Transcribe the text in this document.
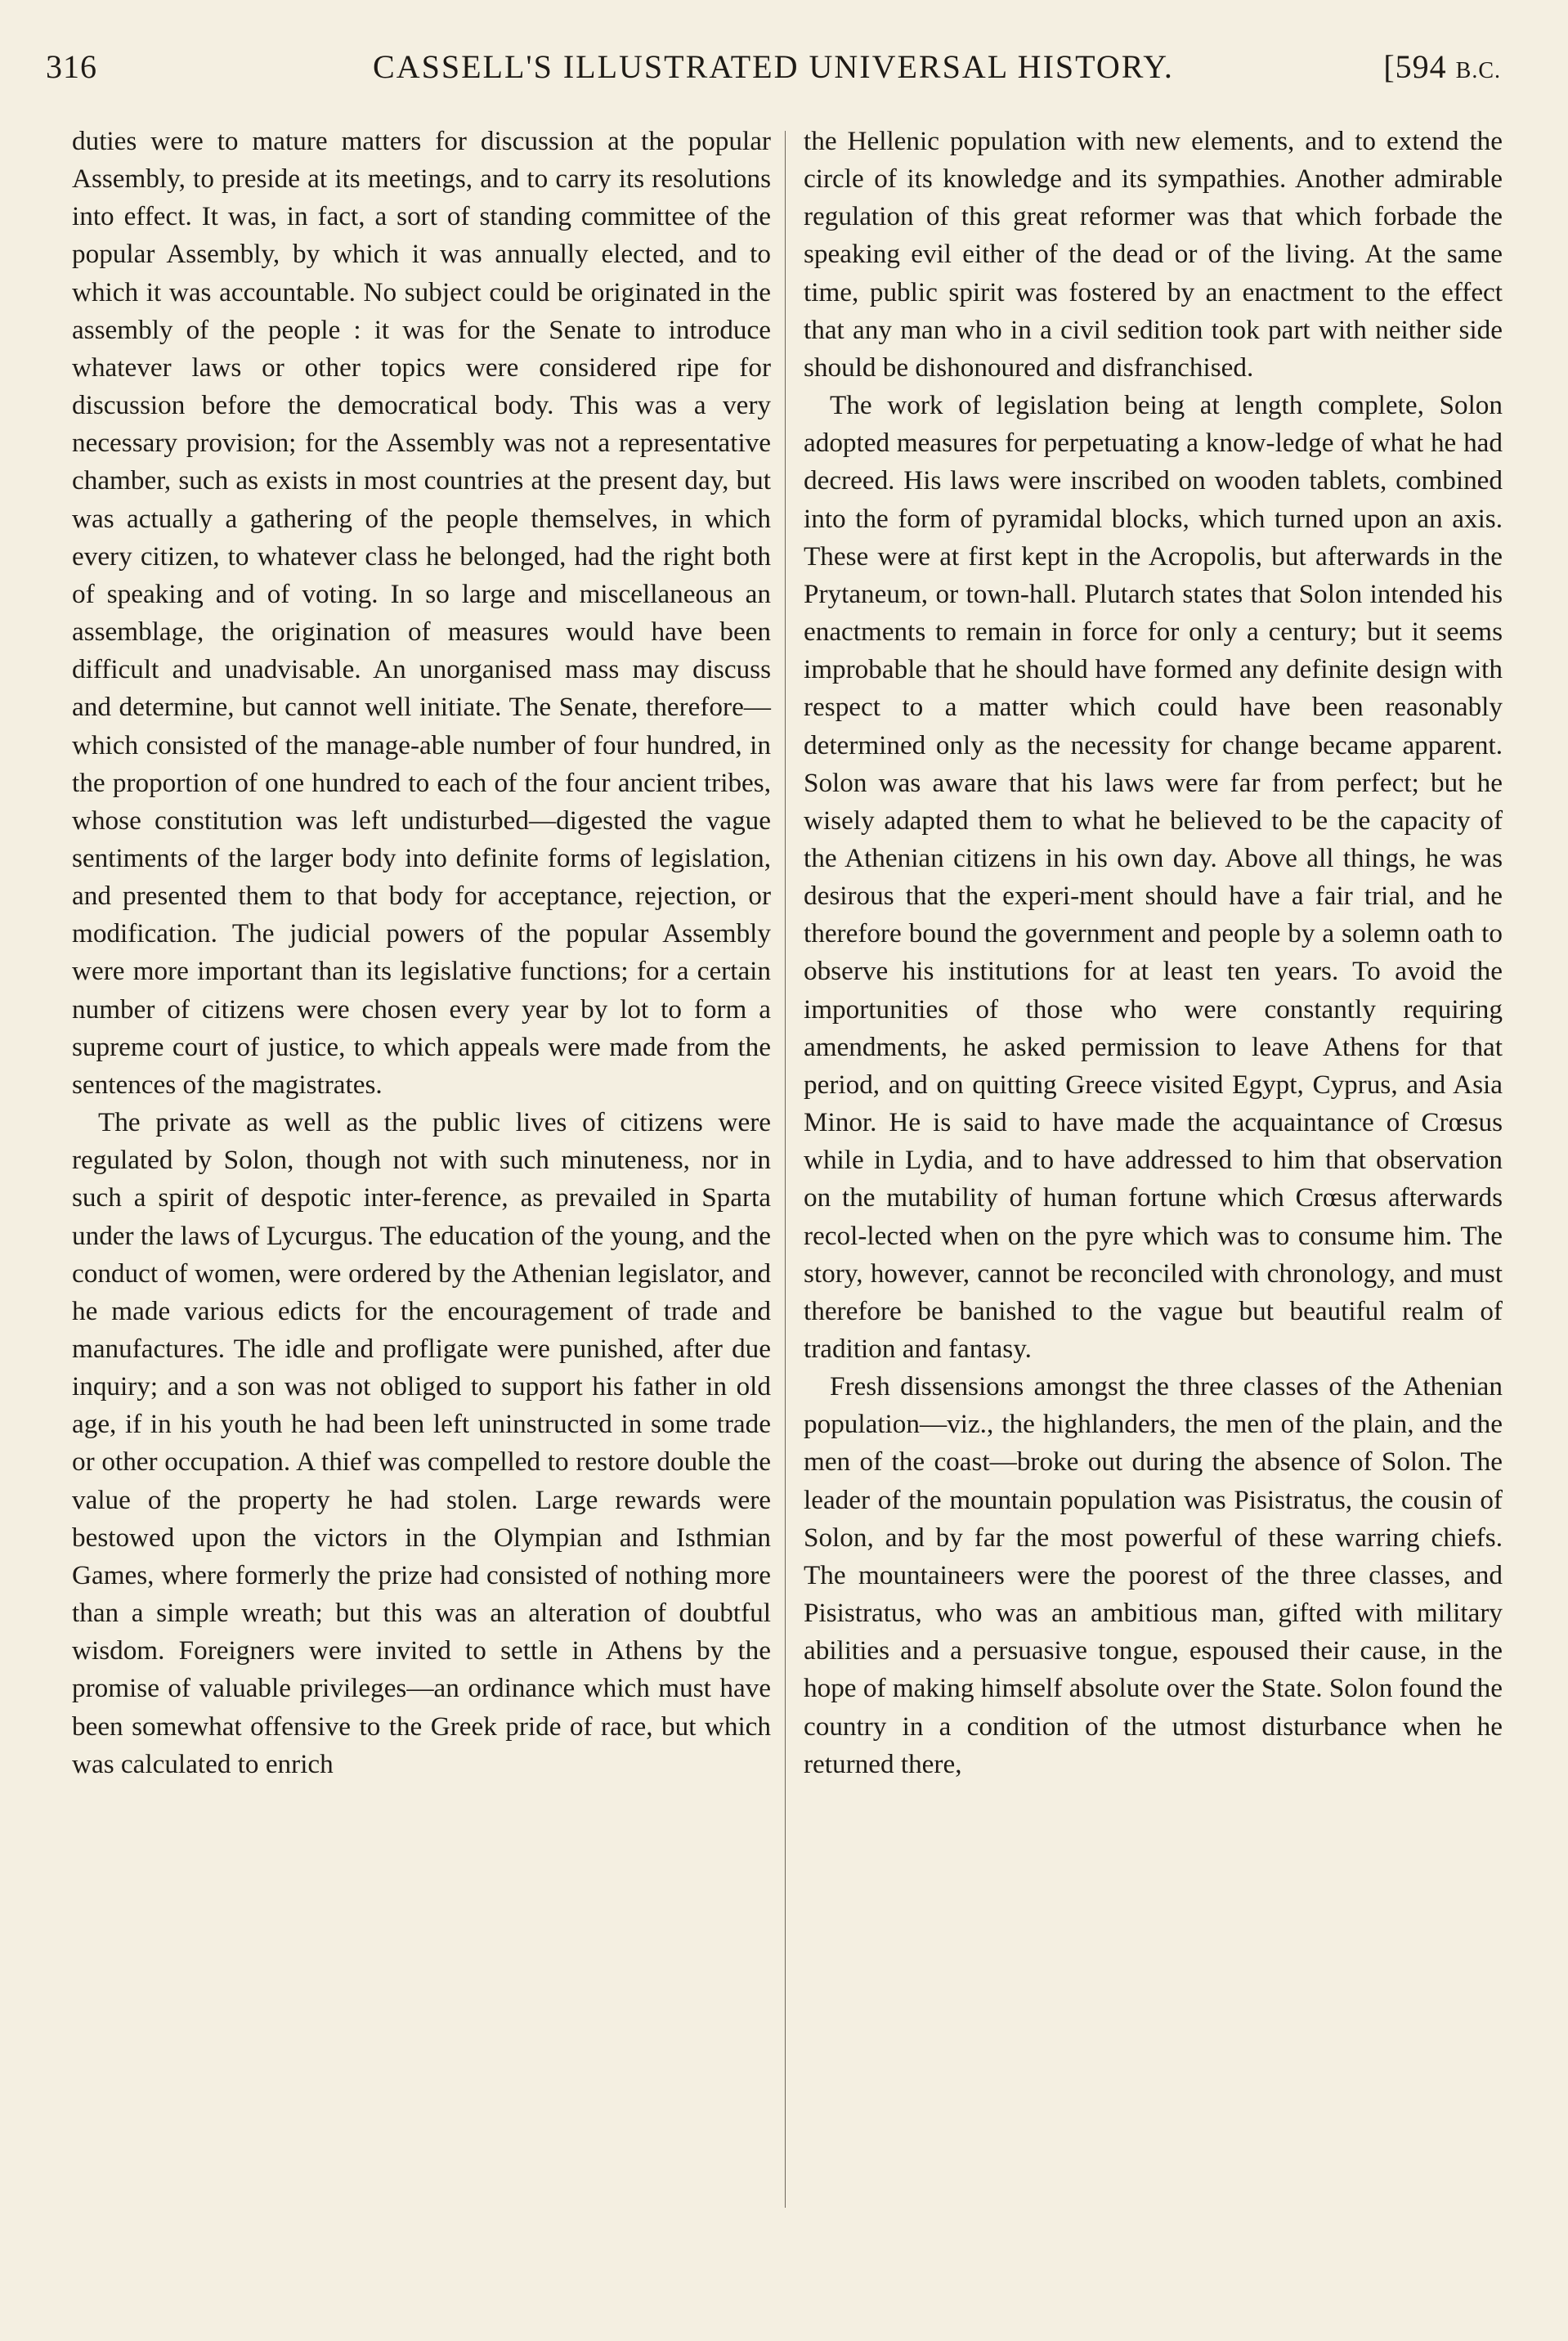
316	CASSELL'S ILLUSTRATED UNIVERSAL HISTORY.	[594 B.C.

duties were to mature matters for discussion at the popular Assembly, to preside at its meetings, and to carry its resolutions into effect. It was, in fact, a sort of standing committee of the popular Assembly, by which it was annually elected, and to which it was accountable. No subject could be originated in the assembly of the people : it was for the Senate to introduce whatever laws or other topics were considered ripe for discussion before the democratical body. This was a very necessary provision; for the Assembly was not a representative chamber, such as exists in most countries at the present day, but was actually a gathering of the people themselves, in which every citizen, to whatever class he belonged, had the right both of speaking and of voting. In so large and miscellaneous an assemblage, the origination of measures would have been difficult and unadvisable. An unorganised mass may discuss and determine, but cannot well initiate. The Senate, therefore—which consisted of the manage-able number of four hundred, in the proportion of one hundred to each of the four ancient tribes, whose constitution was left undisturbed—digested the vague sentiments of the larger body into definite forms of legislation, and presented them to that body for acceptance, rejection, or modification. The judicial powers of the popular Assembly were more important than its legislative functions; for a certain number of citizens were chosen every year by lot to form a supreme court of justice, to which appeals were made from the sentences of the magistrates.

The private as well as the public lives of citizens were regulated by Solon, though not with such minuteness, nor in such a spirit of despotic inter-ference, as prevailed in Sparta under the laws of Lycurgus. The education of the young, and the conduct of women, were ordered by the Athenian legislator, and he made various edicts for the encouragement of trade and manufactures. The idle and profligate were punished, after due inquiry; and a son was not obliged to support his father in old age, if in his youth he had been left uninstructed in some trade or other occupation. A thief was compelled to restore double the value of the property he had stolen. Large rewards were bestowed upon the victors in the Olympian and Isthmian Games, where formerly the prize had consisted of nothing more than a simple wreath; but this was an alteration of doubtful wisdom. Foreigners were invited to settle in Athens by the promise of valuable privileges—an ordinance which must have been somewhat offensive to the Greek pride of race, but which was calculated to enrich

the Hellenic population with new elements, and to extend the circle of its knowledge and its sympathies. Another admirable regulation of this great reformer was that which forbade the speaking evil either of the dead or of the living. At the same time, public spirit was fostered by an enactment to the effect that any man who in a civil sedition took part with neither side should be dishonoured and disfranchised.

The work of legislation being at length complete, Solon adopted measures for perpetuating a know-ledge of what he had decreed. His laws were inscribed on wooden tablets, combined into the form of pyramidal blocks, which turned upon an axis. These were at first kept in the Acropolis, but afterwards in the Prytaneum, or town-hall. Plutarch states that Solon intended his enactments to remain in force for only a century; but it seems improbable that he should have formed any definite design with respect to a matter which could have been reasonably determined only as the necessity for change became apparent. Solon was aware that his laws were far from perfect; but he wisely adapted them to what he believed to be the capacity of the Athenian citizens in his own day. Above all things, he was desirous that the experi-ment should have a fair trial, and he therefore bound the government and people by a solemn oath to observe his institutions for at least ten years. To avoid the importunities of those who were constantly requiring amendments, he asked permission to leave Athens for that period, and on quitting Greece visited Egypt, Cyprus, and Asia Minor. He is said to have made the acquaintance of Crœsus while in Lydia, and to have addressed to him that observation on the mutability of human fortune which Crœsus afterwards recol-lected when on the pyre which was to consume him. The story, however, cannot be reconciled with chronology, and must therefore be banished to the vague but beautiful realm of tradition and fantasy.

Fresh dissensions amongst the three classes of the Athenian population—viz., the highlanders, the men of the plain, and the men of the coast—broke out during the absence of Solon. The leader of the mountain population was Pisistratus, the cousin of Solon, and by far the most powerful of these warring chiefs. The mountaineers were the poorest of the three classes, and Pisistratus, who was an ambitious man, gifted with military abilities and a persuasive tongue, espoused their cause, in the hope of making himself absolute over the State. Solon found the country in a condition of the utmost disturbance when he returned there,
